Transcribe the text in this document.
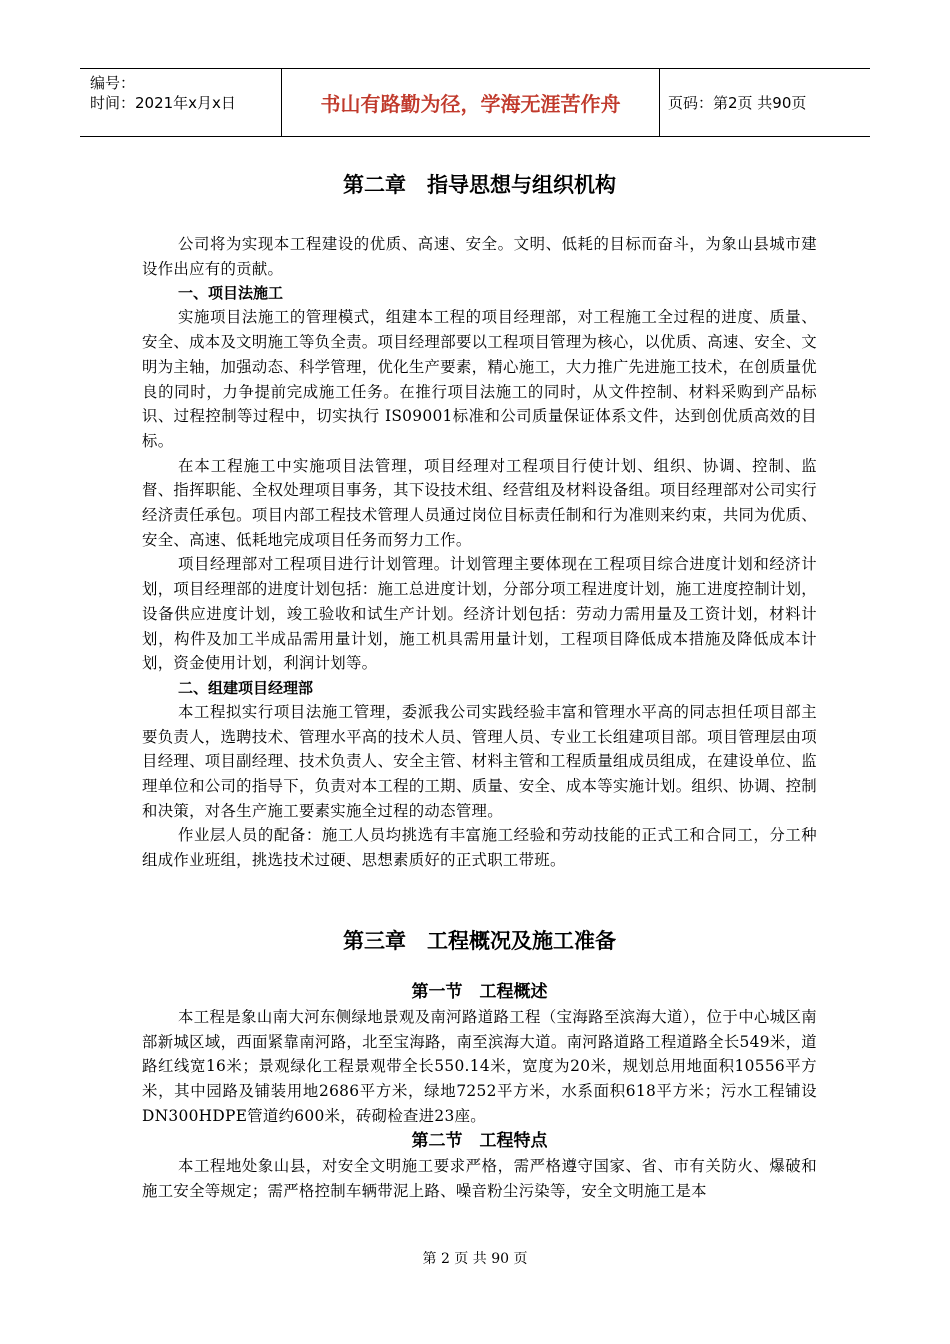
编号：
时间：2021年x月x日	书山有路勤为径，学海无涯苦作舟	页码：第2页 共90页
第二章　指导思想与组织机构

公司将为实现本工程建设的优质、高速、安全。文明、低耗的目标而奋斗，为象山县城市建设作出应有的贡献。

一、项目法施工

实施项目法施工的管理模式，组建本工程的项目经理部，对工程施工全过程的进度、质量、安全、成本及文明施工等负全责。项目经理部要以工程项目管理为核心，以优质、高速、安全、文明为主轴，加强动态、科学管理，优化生产要素，精心施工，大力推广先进施工技术，在创质量优良的同时，力争提前完成施工任务。在推行项目法施工的同时，从文件控制、材料采购到产品标识、过程控制等过程中，切实执行 IS09001标准和公司质量保证体系文件，达到创优质高效的目标。

在本工程施工中实施项目法管理，项目经理对工程项目行使计划、组织、协调、控制、监督、指挥职能、全权处理项目事务，其下设技术组、经营组及材料设备组。项目经理部对公司实行经济责任承包。项目内部工程技术管理人员通过岗位目标责任制和行为准则来约束，共同为优质、安全、高速、低耗地完成项目任务而努力工作。

项目经理部对工程项目进行计划管理。计划管理主要体现在工程项目综合进度计划和经济计划，项目经理部的进度计划包括：施工总进度计划，分部分项工程进度计划，施工进度控制计划，设备供应进度计划，竣工验收和试生产计划。经济计划包括：劳动力需用量及工资计划，材料计划，构件及加工半成品需用量计划，施工机具需用量计划，工程项目降低成本措施及降低成本计划，资金使用计划，利润计划等。

二、组建项目经理部

本工程拟实行项目法施工管理，委派我公司实践经验丰富和管理水平高的同志担任项目部主要负责人，选聘技术、管理水平高的技术人员、管理人员、专业工长组建项目部。项目管理层由项目经理、项目副经理、技术负责人、安全主管、材料主管和工程质量组成员组成，在建设单位、监理单位和公司的指导下，负责对本工程的工期、质量、安全、成本等实施计划。组织、协调、控制和决策，对各生产施工要素实施全过程的动态管理。

作业层人员的配备：施工人员均挑选有丰富施工经验和劳动技能的正式工和合同工，分工种组成作业班组，挑选技术过硬、思想素质好的正式职工带班。

第三章　工程概况及施工准备
第一节　工程概述

本工程是象山南大河东侧绿地景观及南河路道路工程（宝海路至滨海大道），位于中心城区南部新城区域，西面紧靠南河路，北至宝海路，南至滨海大道。南河路道路工程道路全长549米，道路红线宽16米；景观绿化工程景观带全长550.14米，宽度为20米，规划总用地面积10556平方米，其中园路及铺装用地2686平方米，绿地7252平方米，水系面积618平方米；污水工程铺设DN300HDPE管道约600米，砖砌检查进23座。

第二节　工程特点

本工程地处象山县，对安全文明施工要求严格，需严格遵守国家、省、市有关防火、爆破和施工安全等规定；需严格控制车辆带泥上路、噪音粉尘污染等，安全文明施工是本

第 2 页 共 90 页
